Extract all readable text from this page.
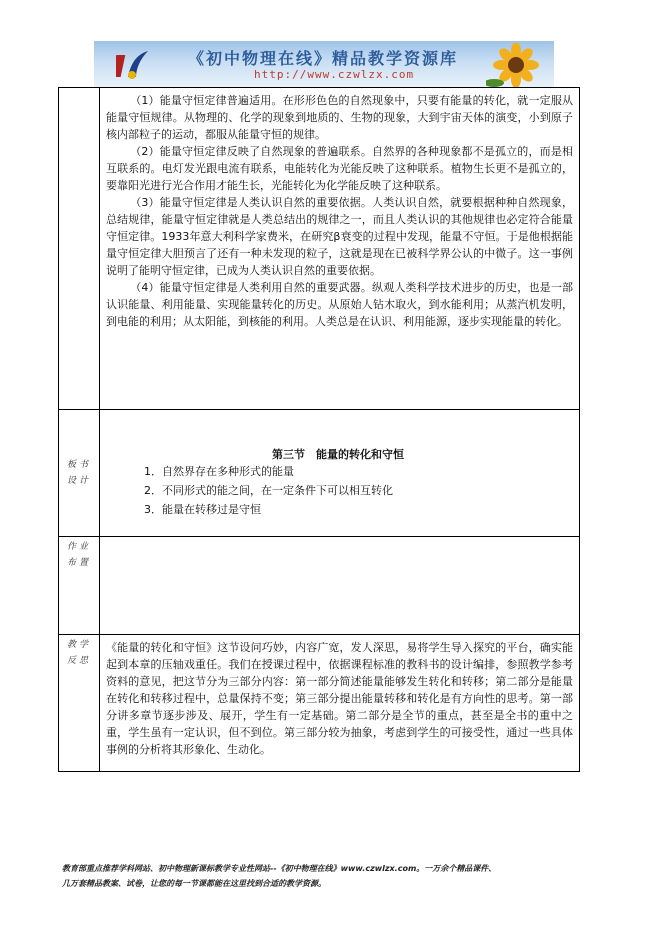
《初中物理在线》精品教学资源库
http://www.czwlzx.com

（1）能量守恒定律普遍适用。在形形色色的自然现象中，只要有能量的转化，就一定服从能量守恒规律。从物理的、化学的现象到地质的、生物的现象，大到宇宙天体的演变，小到原子核内部粒子的运动，都服从能量守恒的规律。

（2）能量守恒定律反映了自然现象的普遍联系。自然界的各种现象都不是孤立的，而是相互联系的。电灯发光跟电流有联系，电能转化为光能反映了这种联系。植物生长更不是孤立的，要靠阳光进行光合作用才能生长，光能转化为化学能反映了这种联系。

（3）能量守恒定律是人类认识自然的重要依据。人类认识自然，就要根据种种自然现象，总结规律，能量守恒定律就是人类总结出的规律之一，而且人类认识的其他规律也必定符合能量守恒定律。1933年意大利科学家费米，在研究β衰变的过程中发现，能量不守恒。于是他根据能量守恒定律大胆预言了还有一种未发现的粒子，这就是现在已被科学界公认的中微子。这一事例说明了能明守恒定律，已成为人类认识自然的重要依据。

（4）能量守恒定律是人类利用自然的重要武器。纵观人类科学技术进步的历史，也是一部认识能量、利用能量、实现能量转化的历史。从原始人钻木取火，到水能利用；从蒸汽机发明，到电能的利用；从太阳能，到核能的利用。人类总是在认识、利用能源，逐步实现能量的转化。

板书
设计
第三节　能量的转化和守恒
1．自然界存在多种形式的能量
2．不同形式的能之间，在一定条件下可以相互转化
3．能量在转移过是守恒
作业
布置
教学
反思

《能量的转化和守恒》这节设问巧妙，内容广宽，发人深思，易将学生导入探究的平台，确实能起到本章的压轴戏重任。我们在授课过程中，依据课程标准的教科书的设计编排，参照教学参考资料的意见，把这节分为三部分内容：第一部分简述能量能够发生转化和转移；第二部分是能量在转化和转移过程中，总量保持不变；第三部分提出能量转移和转化是有方向性的思考。第一部分讲多章节逐步涉及、展开，学生有一定基础。第二部分是全节的重点，甚至是全书的重中之重，学生虽有一定认识，但不到位。第三部分较为抽象，考虑到学生的可接受性，通过一些具体事例的分析将其形象化、生动化。

教育部重点推荐学科网站、初中物理新课标教学专业性网站--《初中物理在线》www.czwlzx.com。一万余个精品课件、
几万套精品教案、试卷，让您的每一节课都能在这里找到合适的教学资源。
